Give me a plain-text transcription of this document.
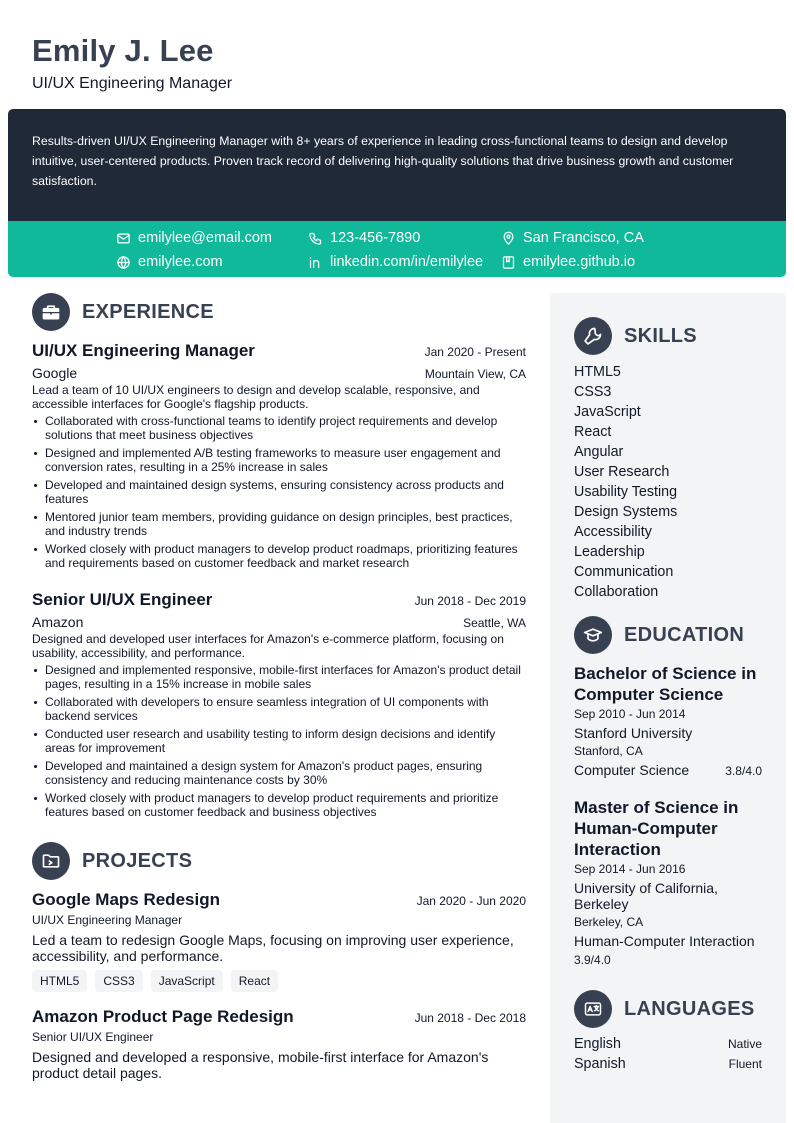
Emily J. Lee
UI/UX Engineering Manager

Results-driven UI/UX Engineering Manager with 8+ years of experience in leading cross-functional teams to design and develop intuitive, user-centered products. Proven track record of delivering high-quality solutions that drive business growth and customer satisfaction.

emilylee@email.com	123-456-7890	San Francisco, CA
emilylee.com	linkedin.com/in/emilylee	emilylee.github.io
EXPERIENCE
UI/UX Engineering Manager	Jan 2020 - Present
Google	Mountain View, CA
Lead a team of 10 UI/UX engineers to design and develop scalable, responsive, and accessible interfaces for Google's flagship products.
Collaborated with cross-functional teams to identify project requirements and develop solutions that meet business objectives
Designed and implemented A/B testing frameworks to measure user engagement and conversion rates, resulting in a 25% increase in sales
Developed and maintained design systems, ensuring consistency across products and features
Mentored junior team members, providing guidance on design principles, best practices, and industry trends
Worked closely with product managers to develop product roadmaps, prioritizing features and requirements based on customer feedback and market research
Senior UI/UX Engineer	Jun 2018 - Dec 2019
Amazon	Seattle, WA
Designed and developed user interfaces for Amazon's e-commerce platform, focusing on usability, accessibility, and performance.
Designed and implemented responsive, mobile-first interfaces for Amazon's product detail pages, resulting in a 15% increase in mobile sales
Collaborated with developers to ensure seamless integration of UI components with backend services
Conducted user research and usability testing to inform design decisions and identify areas for improvement
Developed and maintained a design system for Amazon's product pages, ensuring consistency and reducing maintenance costs by 30%
Worked closely with product managers to develop product requirements and prioritize features based on customer feedback and business objectives
PROJECTS
Google Maps Redesign	Jan 2020 - Jun 2020
UI/UX Engineering Manager
Led a team to redesign Google Maps, focusing on improving user experience, accessibility, and performance.
HTML5	CSS3	JavaScript	React
Amazon Product Page Redesign	Jun 2018 - Dec 2018
Senior UI/UX Engineer
Designed and developed a responsive, mobile-first interface for Amazon's product detail pages.
SKILLS
HTML5
CSS3
JavaScript
React
Angular
User Research
Usability Testing
Design Systems
Accessibility
Leadership
Communication
Collaboration
EDUCATION
Bachelor of Science in Computer Science
Sep 2010 - Jun 2014
Stanford University
Stanford, CA
Computer Science	3.8/4.0
Master of Science in Human-Computer Interaction
Sep 2014 - Jun 2016
University of California, Berkeley
Berkeley, CA
Human-Computer Interaction
3.9/4.0
LANGUAGES
English	Native
Spanish	Fluent
